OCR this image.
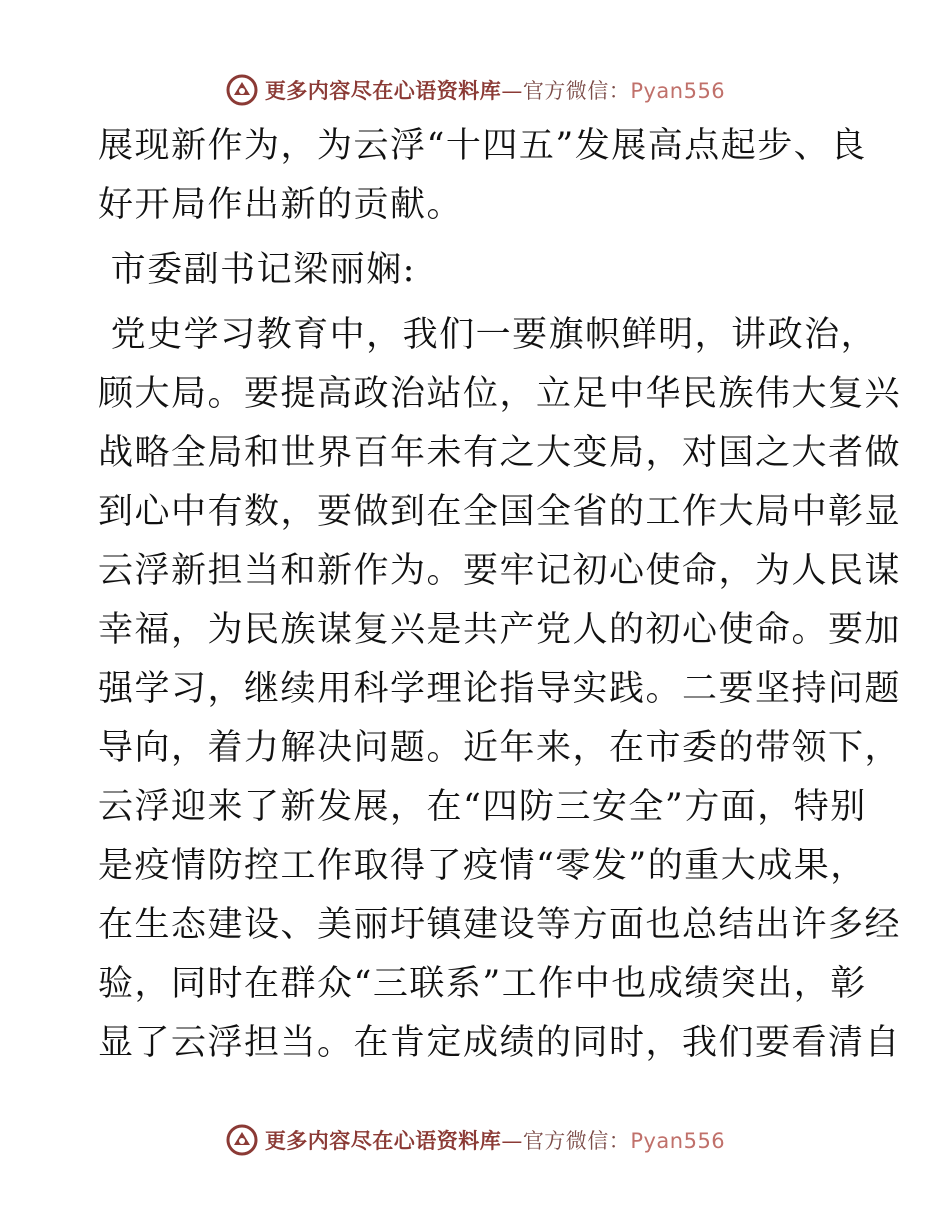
更多内容尽在心语资料库—官方微信：Pyan556
展现新作为，为云浮“十四五”发展高点起步、良
好开局作出新的贡献。
市委副书记梁丽娴:
党史学习教育中，我们一要旗帜鲜明，讲政治，
顾大局。要提高政治站位，立足中华民族伟大复兴
战略全局和世界百年未有之大变局，对国之大者做
到心中有数，要做到在全国全省的工作大局中彰显
云浮新担当和新作为。要牢记初心使命，为人民谋
幸福，为民族谋复兴是共产党人的初心使命。要加
强学习，继续用科学理论指导实践。二要坚持问题
导向，着力解决问题。近年来，在市委的带领下，
云浮迎来了新发展，在“四防三安全”方面，特别
是疫情防控工作取得了疫情“零发”的重大成果，
在生态建设、美丽圩镇建设等方面也总结出许多经
验，同时在群众“三联系”工作中也成绩突出，彰
显了云浮担当。在肯定成绩的同时，我们要看清自
更多内容尽在心语资料库—官方微信：Pyan556
